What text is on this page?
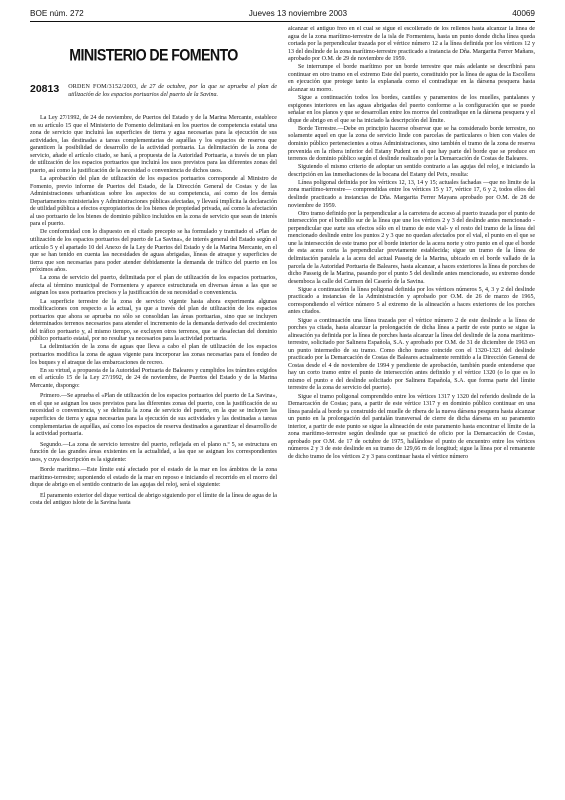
BOE núm. 272	Jueves 13 noviembre 2003	40069
MINISTERIO DE FOMENTO
20813 ORDEN FOM/3152/2003, de 27 de octubre, por la que se aprueba el plan de utilización de los espacios portuarios del puerto de la Savina.

La Ley 27/1992, de 24 de noviembre, de Puertos del Estado y de la Marina Mercante, establece en su artículo 15 que el Ministerio de Fomento delimitará en los puertos de competencia estatal una zona de servicio que incluirá las superficies de tierra y agua necesarias para la ejecución de sus actividades, las destinadas a tareas complementarias de aquéllas y los espacios de reserva que garanticen la posibilidad de desarrollo de la actividad portuaria. La delimitación de la zona de servicio, añade el artículo citado, se hará, a propuesta de la Autoridad Portuaria, a través de un plan de utilización de los espacios portuarios que incluirá los usos previstos para las diferentes zonas del puerto, así como la justificación de la necesidad o conveniencia de dichos usos.

La aprobación del plan de utilización de los espacios portuarios corresponde al Ministro de Fomento, previo informe de Puertos del Estado, de la Dirección General de Costas y de las Administraciones urbanísticas sobre los aspectos de su competencia, así como de los demás Departamentos ministeriales y Administraciones públicas afectadas, y llevará implícita la declaración de utilidad pública a efectos expropiatorios de los bienes de propiedad privada, así como la afectación al uso portuario de los bienes de dominio público incluidos en la zona de servicio que sean de interés para el puerto.

De conformidad con lo dispuesto en el citado precepto se ha formulado y tramitado el «Plan de utilización de los espacios portuarios del puerto de La Savina», de interés general del Estado según el artículo 5 y el apartado 10 del Anexo de la Ley de Puertos del Estado y de la Marina Mercante, en el que se han tenido en cuenta las necesidades de aguas abrigadas, líneas de atraque y superficies de tierra que son necesarias para poder atender debidamente la demanda de tráfico del puerto en los próximos años.

La zona de servicio del puerto, delimitada por el plan de utilización de los espacios portuarios, afecta al término municipal de Formentera y aparece estructurada en diversas áreas a las que se asignan los usos portuarios precisos y la justificación de su necesidad o conveniencia.

La superficie terrestre de la zona de servicio vigente hasta ahora experimenta algunas modificaciones con respecto a la actual, ya que a través del plan de utilización de los espacios portuarios que ahora se aprueba no sólo se consolidan las áreas portuarias, sino que se incluyen determinados terrenos necesarios para atender el incremento de la demanda derivado del crecimiento del tráfico portuario y, al mismo tiempo, se excluyen otros terrenos, que se desafectan del dominio público portuario estatal, por no resultar ya necesarios para la actividad portuaria.

La delimitación de la zona de aguas que lleva a cabo el plan de utilización de los espacios portuarios modifica la zona de aguas vigente para incorporar las zonas necesarias para el fondeo de los buques y el atraque de las embarcaciones de recreo.

En su virtud, a propuesta de la Autoridad Portuaria de Baleares y cumplidos los trámites exigidos en el artículo 15 de la Ley 27/1992, de 24 de noviembre, de Puertos del Estado y de la Marina Mercante, dispongo:

Primero.—Se aprueba el «Plan de utilización de los espacios portuarios del puerto de La Savina», en el que se asignan los usos previstos para las diferentes zonas del puerto, con la justificación de su necesidad o conveniencia, y se delimita la zona de servicio del puerto, en la que se incluyen las superficies de tierra y agua necesarias para la ejecución de sus actividades y las destinadas a tareas complementarias de aquéllas, así como los espacios de reserva destinados a garantizar el desarrollo de la actividad portuaria.

Segundo.—La zona de servicio terrestre del puerto, reflejada en el plano n.º 5, se estructura en función de las grandes áreas existentes en la actualidad, a las que se asignan los correspondientes usos, y cuya descripción es la siguiente:

Borde marítimo.—Este límite está afectado por el estado de la mar en los ámbitos de la zona marítimo-terrestre; suponiendo el estado de la mar en reposo e iniciando el recorrido en el morro del dique de abrigo en el sentido contrario de las agujas del reloj, será el siguiente:

El paramento exterior del dique vertical de abrigo siguiendo por el límite de la línea de agua de la costa del antiguo islote de la Savina hasta

alcanzar el antiguo freo en el cual se sigue el escollerado de los rellenos hasta alcanzar la línea de agua de la zona marítimo-terrestre de la isla de Formentera, hasta un punto donde dicha línea queda cortada por la perpendicular trazada por el vértice número 12 a la línea definida por los vértices 12 y 13 del deslinde de la zona marítimo-terrestre practicado a instancia de Dña. Margarita Ferrer Mañans, aprobado por O.M. de 29 de noviembre de 1959.

Se interrumpe el borde marítimo por un borde terrestre que más adelante se describirá para continuar en otro tramo en el extremo Este del puerto, constituido por la línea de agua de la Escollera en ejecución que protege tanto la explanada como el contradique en la dársena pesquera hasta alcanzar su morro.

Sigue a continuación todos los bordes, cantiles y paramentos de los muelles, pantalanes y espigones interiores en las aguas abrigadas del puerto conforme a la configuración que se puede señalar en los planos y que se desarrollan entre los morros del contradique en la dársena pesquera y el dique de abrigo en el que se ha iniciado la descripción del límite.

Borde Terrestre.—Debe en principio hacerse observar que se ha considerado borde terrestre, no solamente aquel en que la zona de servicio linde con parcelas de particulares o bien con viales de dominio público pertenecientes a otras Administraciones, sino también el tramo de la zona de reserva prevenida en la ribera inferior del Estany Pudent en el que hay parte del borde que se produce en terrenos de dominio público según el deslinde realizado por la Demarcación de Costas de Baleares.

Siguiendo el mismo criterio de adoptar un sentido contrario a las agujas del reloj, e iniciando la descripción en las inmediaciones de la bocana del Estany del Peix, resulta:

Línea poligonal definida por los vértices 12, 13, 14 y 15; actuales fachadas —que no limite de la zona marítimo-terrestre— comprendidas entre los vértices 15 y 17, vértice 17, 6 y 2, todos ellos del deslinde practicado a instancias de Dña. Margarita Ferrer Mayans aprobado por O.M. de 28 de noviembre de 1959.

Otro tramo definido por la perpendicular a la carretera de acceso al puerto trazada por el punto de intersección por el bordillo sur de la línea que une los vértices 2 y 3 del deslinde antes mencionado -perpendicular que surte sus efectos sólo en el tramo de este vial- y el resto del tramo de la línea del mencionado deslinde entre los puntos 2 y 3 que no quedan afectados por el vial, el punto en el que se une la intersección de este tramo por el borde interior de la acera norte y otro punto en el que el borde de esta acera corta la perpendicular previamente establecida; sigue un tramo de la línea de delimitación paralela a la acera del actual Passeig de la Marina, ubicado en el borde vallado de la parcela de la Autoridad Portuaria de Baleares, hasta alcanzar, a haces exteriores la línea de porches de dicho Passeig de la Marina, pasando por el punto 5 del deslinde antes mencionado, su extremo donde desemboca la calle del Carmen del Caserío de la Savina.

Sigue a continuación la línea poligonal definida por los vértices números 5, 4, 3 y 2 del deslinde practicado a instancias de la Administración y aprobado por O.M. de 26 de marzo de 1965, correspondiendo el vértice número 5 al extremo de la alineación a haces exteriores de los porches antes citados.

Sigue a continuación una línea trazada por el vértice número 2 de este deslinde a la línea de porches ya citada, hasta alcanzar la prolongación de dicha línea a partir de este punto se sigue la alineación ya definida por la línea de porches hasta alcanzar la línea del deslinde de la zona marítimo-terrestre, solicitado por Salinera Española, S.A. y aprobado por O.M. de 31 de diciembre de 1963 en un punto intermedio de su tramo. Como dicho tramo coincide con el 1320-1321 del deslinde practicado por la Demarcación de Costas de Baleares actualmente remitido a la Dirección General de Costas desde el 4 de noviembre de 1994 y pendiente de aprobación, también puede entenderse que hay un corto tramo entre el punto de intersección antes definido y el vértice 1320 (o lo que es lo mismo el punto e del deslinde solicitado por Salinera Española, S.A. que forma parte del límite terrestre de la zona de servicio del puerto).

Sigue el tramo poligonal comprendido entre los vértices 1317 y 1320 del referido deslinde de la Demarcación de Costas; para, a partir de este vértice 1317 y en dominio público continuar en una línea paralela al borde ya construido del muelle de ribera de la nueva dársena pesquera hasta alcanzar un punto en la prolongación del pantalán transversal de cierre de dicha dársena en su paramento interior, a partir de este punto se sigue la alineación de este paramento hasta encontrar el límite de la zona marítimo-terrestre según deslinde que se practicó de oficio por la Demarcación de Costas, aprobado por O.M. de 17 de octubre de 1975, hallándose el punto de encuentro entre los vértices números 2 y 3 de este deslinde en su tramo de 129,66 m de longitud; sigue la línea por el remanente de dicho tramo de los vértices 2 y 3 para continuar hasta el vértice número
